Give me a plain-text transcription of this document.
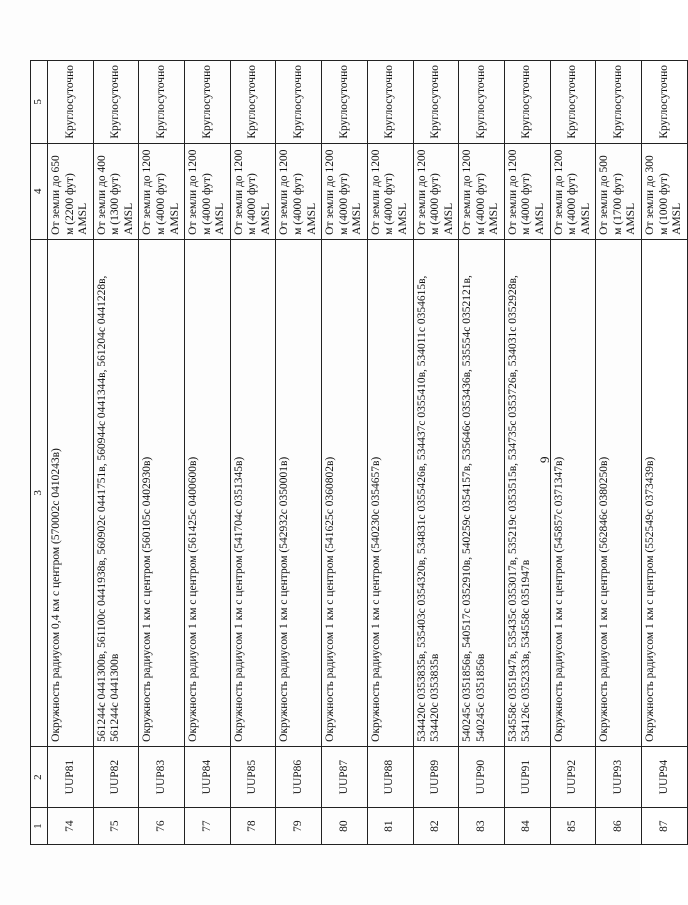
9
1	2	3	4	5
74	UUP81	Окружность радиусом 0,4 км с центром (570002с 0410243в)	От земли до 650 м (2200 фут) AMSL	Круглосуточно
75	UUP82	561244с 0441300в, 561100с 0441938в, 560902с 0441751в, 560944с 0441344в, 561204с 0441228в, 561244с 0441300в	От земли до 400 м (1300 фут) AMSL	Круглосуточно
76	UUP83	Окружность радиусом 1 км с центром (560105с 0402930в)	От земли до 1200 м (4000 фут) AMSL	Круглосуточно
77	UUP84	Окружность радиусом 1 км с центром (561425с 0400600в)	От земли до 1200 м (4000 фут) AMSL	Круглосуточно
78	UUP85	Окружность радиусом 1 км с центром (541704с 0351345в)	От земли до 1200 м (4000 фут) AMSL	Круглосуточно
79	UUP86	Окружность радиусом 1 км с центром (542932с 0350001в)	От земли до 1200 м (4000 фут) AMSL	Круглосуточно
80	UUP87	Окружность радиусом 1 км с центром (541625с 0360802в)	От земли до 1200 м (4000 фут) AMSL	Круглосуточно
81	UUP88	Окружность радиусом 1 км с центром (540230с 0354657в)	От земли до 1200 м (4000 фут) AMSL	Круглосуточно
82	UUP89	534420с 0353835в, 535403с 0354320в, 534831с 0355426в, 534437с 0355410в, 534011с 0354615в, 534420с 0353835в	От земли до 1200 м (4000 фут) AMSL	Круглосуточно
83	UUP90	540245с 0351856в, 540517с 0352910в, 540259с 0354157в, 535646с 0353436в, 535554с 0352121в, 540245с 0351856в	От земли до 1200 м (4000 фут) AMSL	Круглосуточно
84	UUP91	534558с 0351947в, 535435с 0353017в, 535219с 0353515в, 534735с 0353726в, 534031с 0352928в, 534126с 0352333в, 534558с 0351947в	От земли до 1200 м (4000 фут) AMSL	Круглосуточно
85	UUP92	Окружность радиусом 1 км с центром (545857с 0371347в)	От земли до 1200 м (4000 фут) AMSL	Круглосуточно
86	UUP93	Окружность радиусом 1 км с центром (562846с 0380250в)	От земли до 500 м (1700 фут) AMSL	Круглосуточно
87	UUP94	Окружность радиусом 1 км с центром (552549с 0373439в)	От земли до 300 м (1000 фут) AMSL	Круглосуточно
